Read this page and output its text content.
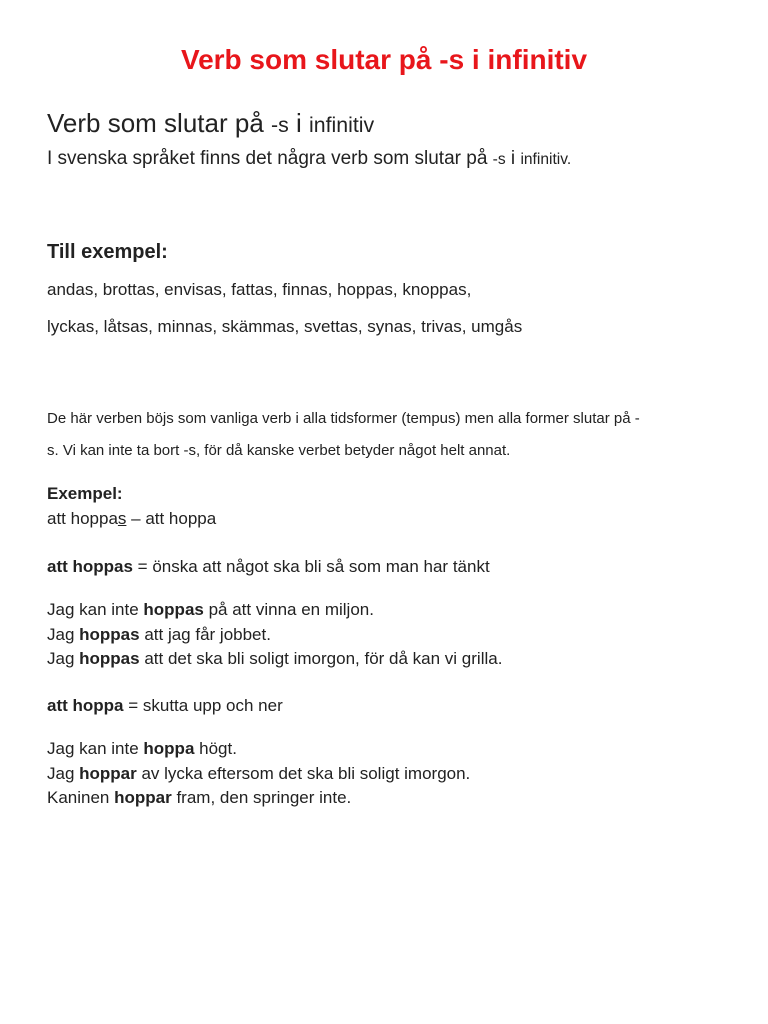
Verb som slutar på -s i infinitiv
Verb som slutar på -s i infinitiv
I svenska språket finns det några verb som slutar på -s i infinitiv.
Till exempel:
andas, brottas, envisas, fattas, finnas, hoppas, knoppas,
lyckas, låtsas, minnas, skämmas, svettas, synas, trivas, umgås
De här verben böjs som vanliga verb i alla tidsformer (tempus) men alla former slutar på -
s. Vi kan inte ta bort -s, för då kanske verbet betyder något helt annat.
Exempel:
att hoppas – att hoppa
att hoppas = önska att något ska bli så som man har tänkt
Jag kan inte hoppas på att vinna en miljon.
Jag hoppas att jag får jobbet.
Jag hoppas att det ska bli soligt imorgon, för då kan vi grilla.
att hoppa = skutta upp och ner
Jag kan inte hoppa högt.
Jag hoppar av lycka eftersom det ska bli soligt imorgon.
Kaninen hoppar fram, den springer inte.
